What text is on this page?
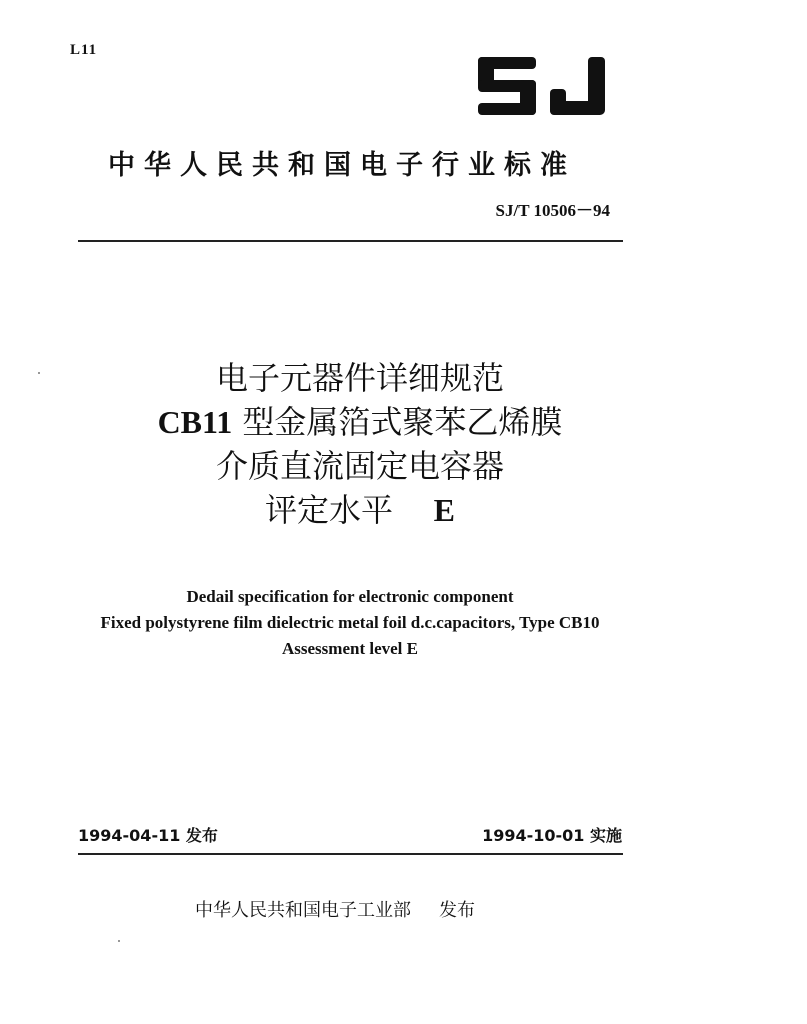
L11
中华人民共和国电子行业标准
SJ/T 10506－94
电子元器件详细规范
CB11 型金属箔式聚苯乙烯膜
介质直流固定电容器
评定水平 E
Dedail specification for electronic component
Fixed polystyrene film dielectric metal foil d.c.capacitors, Type CB10
Assessment level E
1994-04-11 发布	1994-10-01 实施
中华人民共和国电子工业部 发布
